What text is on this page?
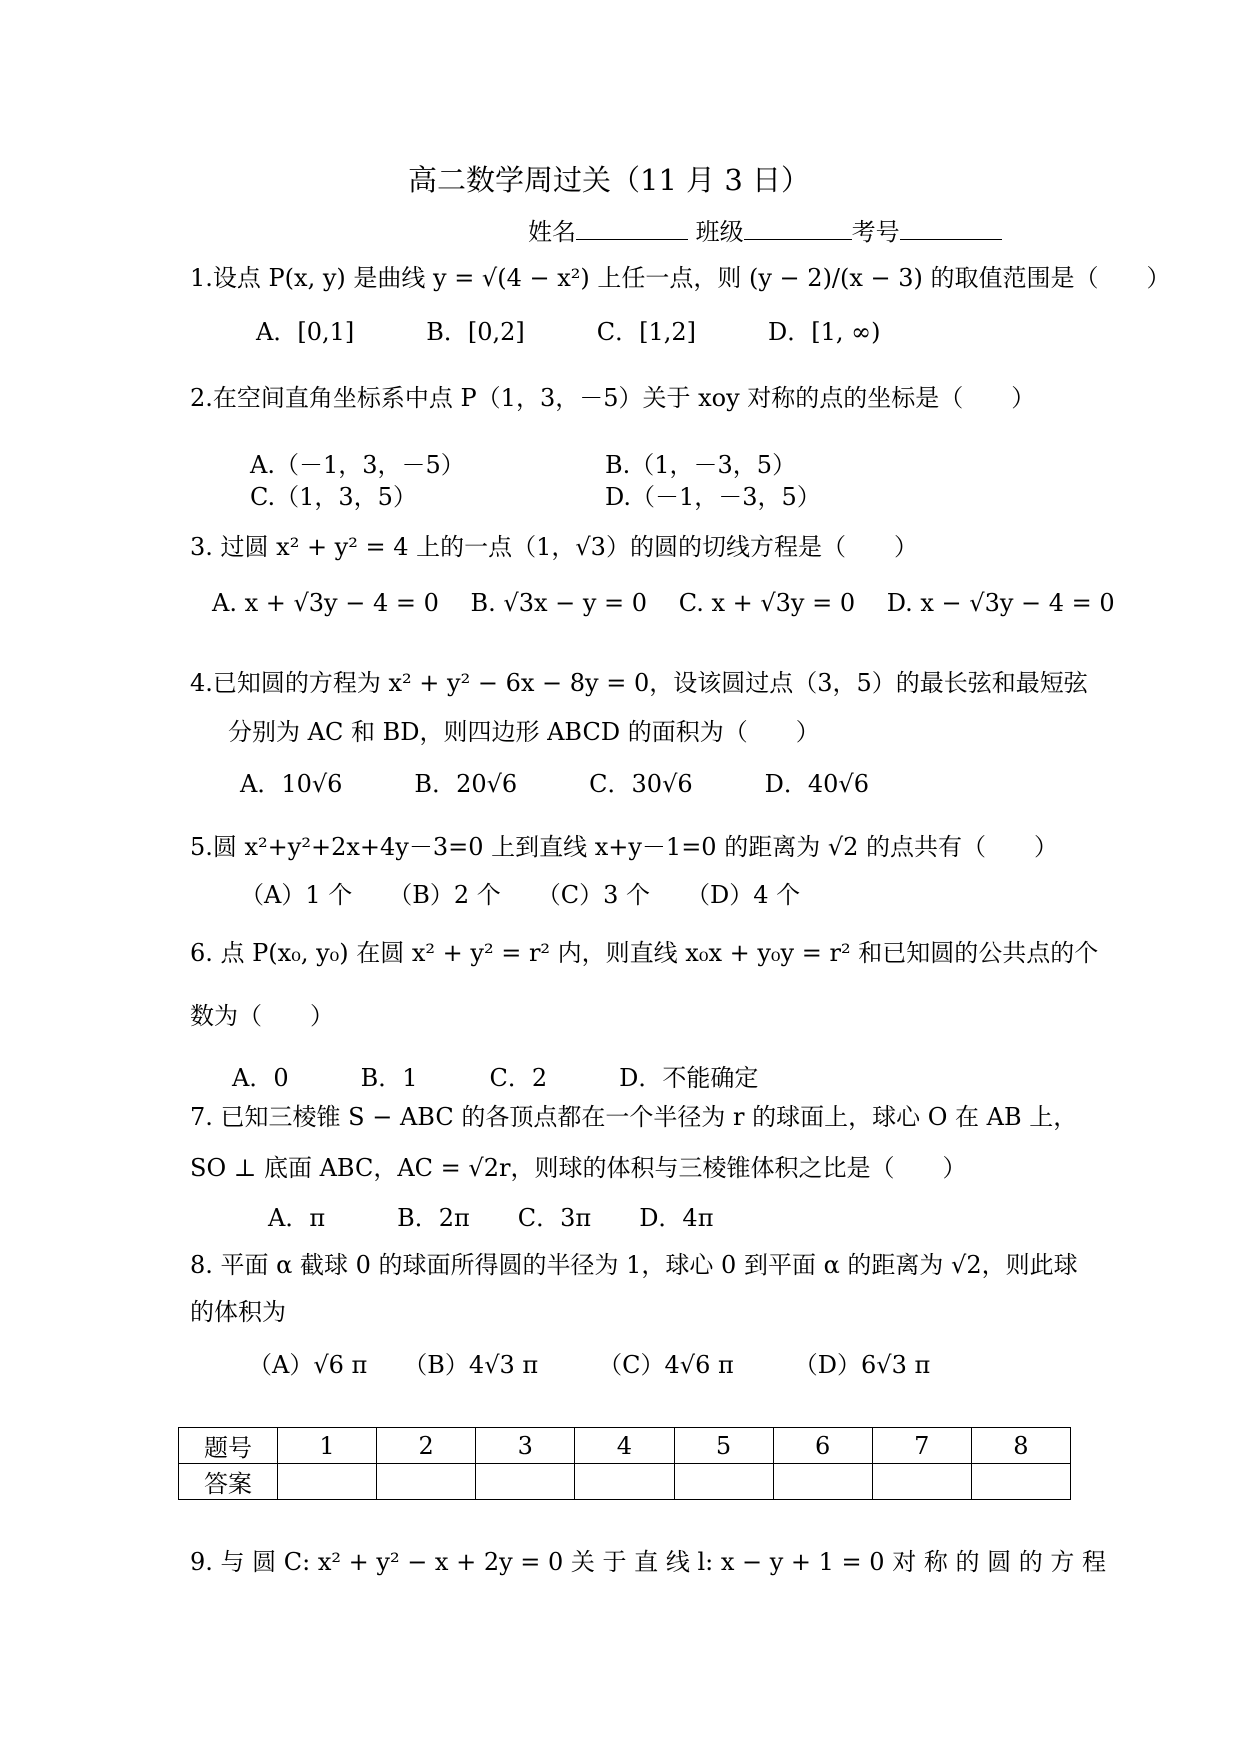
高二数学周过关（11 月 3 日）
姓名	班级	考号
1.设点 P(x, y) 是曲线 y = √(4 − x²) 上任一点，则 (y − 2)/(x − 3) 的取值范围是（　　）
A．[0,1]　　　B．[0,2]　　　C．[1,2]　　　D．[1, ∞)
2.在空间直角坐标系中点 P（1，3，－5）关于 xoy 对称的点的坐标是（　　）
A.（－1，3，－5）	B.（1，－3，5）
C.（1，3，5）	D.（－1，－3，5）
3. 过圆 x² + y² = 4 上的一点（1，√3）的圆的切线方程是（　　）
A. x + √3y − 4 = 0　 B. √3x − y = 0　 C. x + √3y = 0　 D. x − √3y − 4 = 0
4.已知圆的方程为 x² + y² − 6x − 8y = 0，设该圆过点（3，5）的最长弦和最短弦
分别为 AC 和 BD，则四边形 ABCD 的面积为（　　）
A．10√6　　　B．20√6　　　C．30√6　　　D．40√6
5.圆 x²+y²+2x+4y－3=0 上到直线 x+y－1=0 的距离为 √2 的点共有（　　）
（A）1 个　　（B）2 个　　（C）3 个　　（D）4 个
6. 点 P(x₀, y₀) 在圆 x² + y² = r² 内，则直线 x₀x + y₀y = r² 和已知圆的公共点的个
数为（　　）
A．0　　　B．1　　　C．2　　　D．不能确定
7. 已知三棱锥 S − ABC 的各顶点都在一个半径为 r 的球面上，球心 O 在 AB 上，
SO ⊥ 底面 ABC，AC = √2r，则球的体积与三棱锥体积之比是（　　）
A．π　　　B．2π　　C．3π　　D．4π
8. 平面 α 截球 0 的球面所得圆的半径为 1，球心 0 到平面 α 的距离为 √2，则此球
的体积为
（A）√6 π　　（B）4√3 π　　　（C）4√6 π　　　（D）6√3 π
题号	1	2	3	4	5	6	7	8
答案								
9. 与 圆 C: x² + y² − x + 2y = 0 关 于 直 线 l: x − y + 1 = 0 对 称 的 圆 的 方 程
